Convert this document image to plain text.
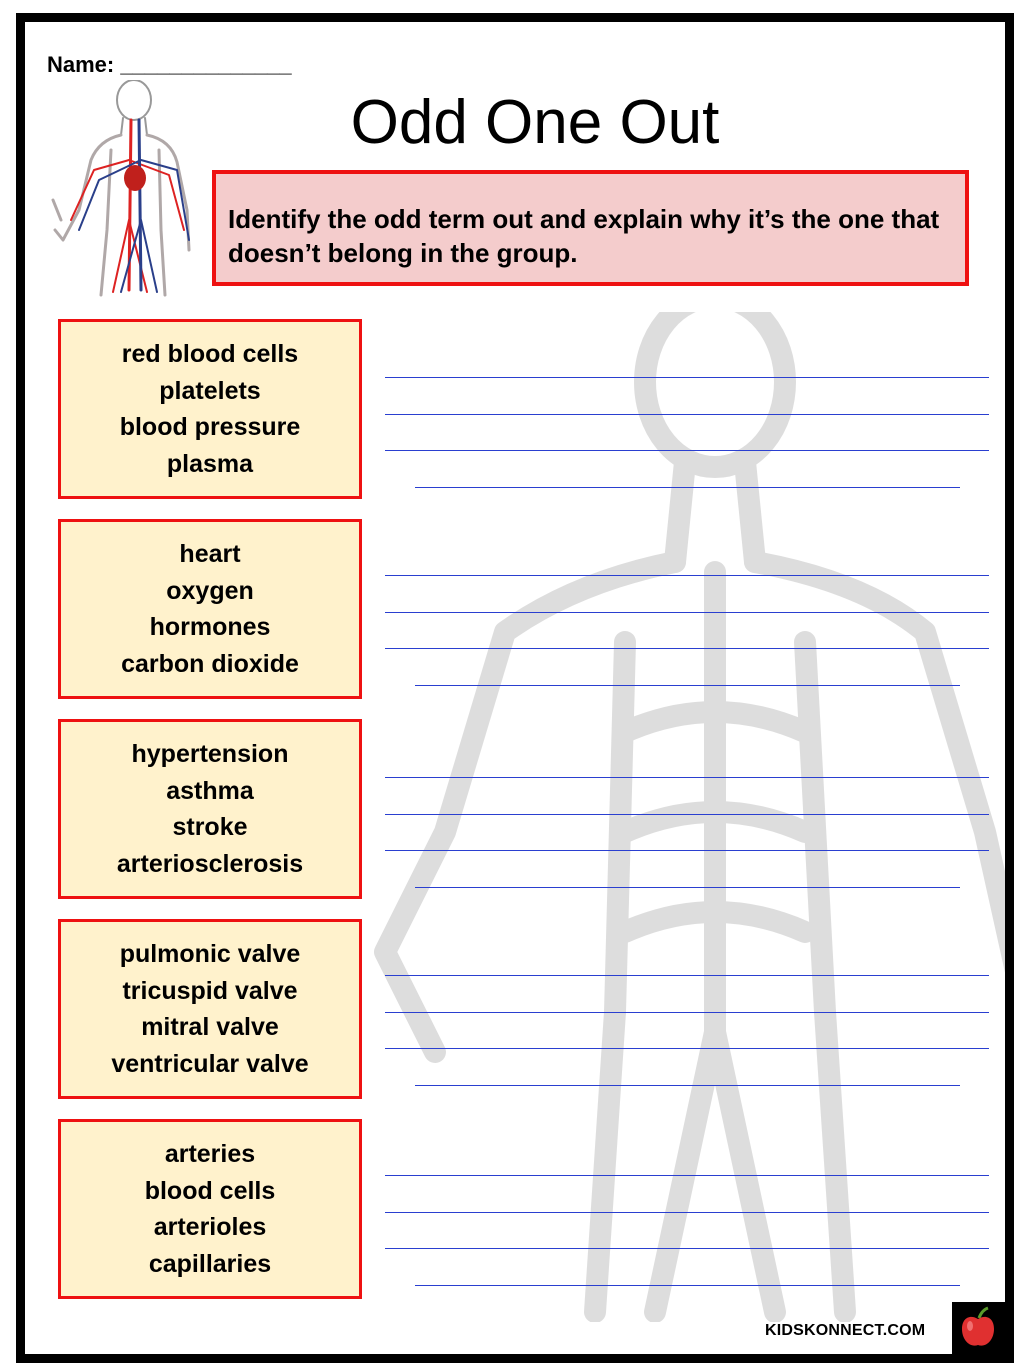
Name: ______________
Odd One Out
Identify the odd term out and explain why it’s the one that doesn’t belong in the group.
red blood cells
platelets
blood pressure
plasma
heart
oxygen
hormones
carbon dioxide
hypertension
asthma
stroke
arteriosclerosis
pulmonic valve
tricuspid valve
mitral valve
ventricular valve
arteries
blood cells
arterioles
capillaries
KIDSKONNECT.COM
